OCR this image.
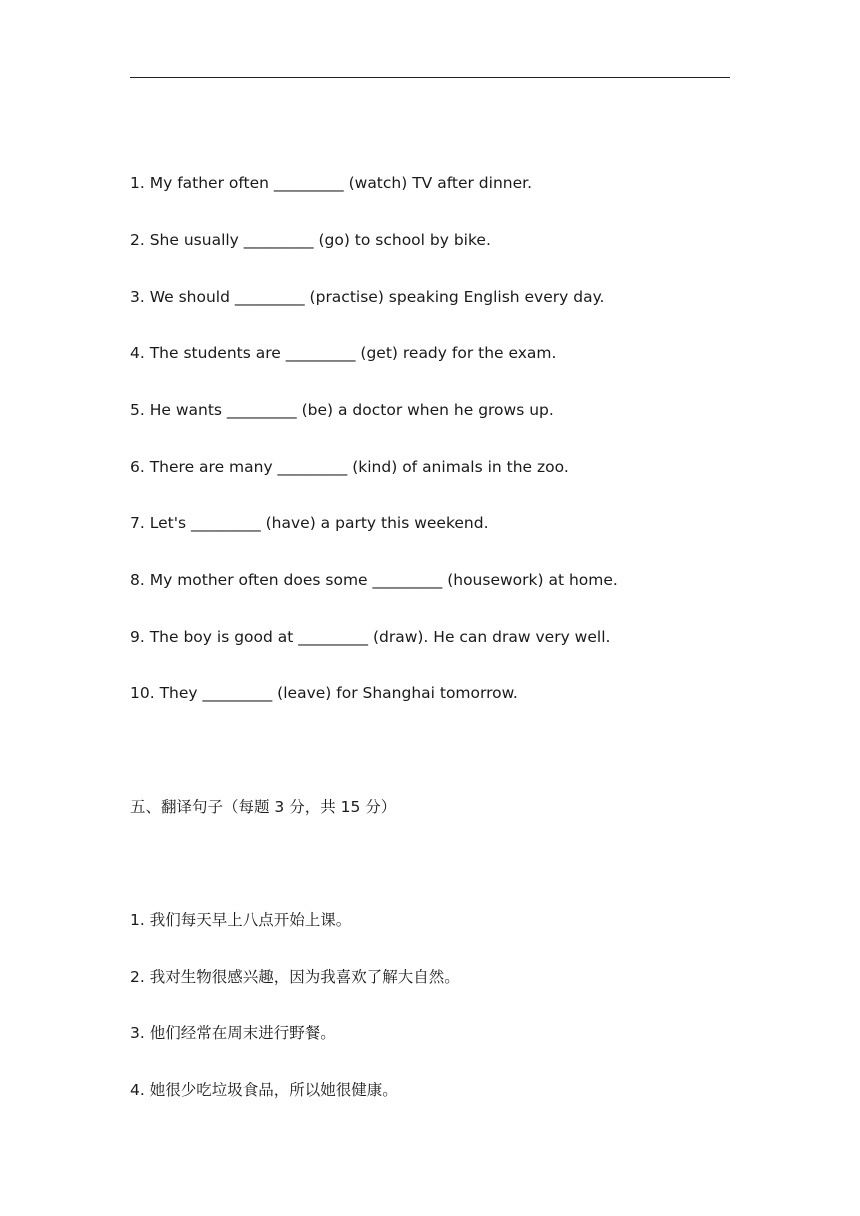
1. My father often _________ (watch) TV after dinner.
2. She usually _________ (go) to school by bike.
3. We should _________ (practise) speaking English every day.
4. The students are _________ (get) ready for the exam.
5. He wants _________ (be) a doctor when he grows up.
6. There are many _________ (kind) of animals in the zoo.
7. Let's _________ (have) a party this weekend.
8. My mother often does some _________ (housework) at home.
9. The boy is good at _________ (draw). He can draw very well.
10. They _________ (leave) for Shanghai tomorrow.
五、翻译句子（每题 3 分，共 15 分）
1. 我们每天早上八点开始上课。
2. 我对生物很感兴趣，因为我喜欢了解大自然。
3. 他们经常在周末进行野餐。
4. 她很少吃垃圾食品，所以她很健康。
